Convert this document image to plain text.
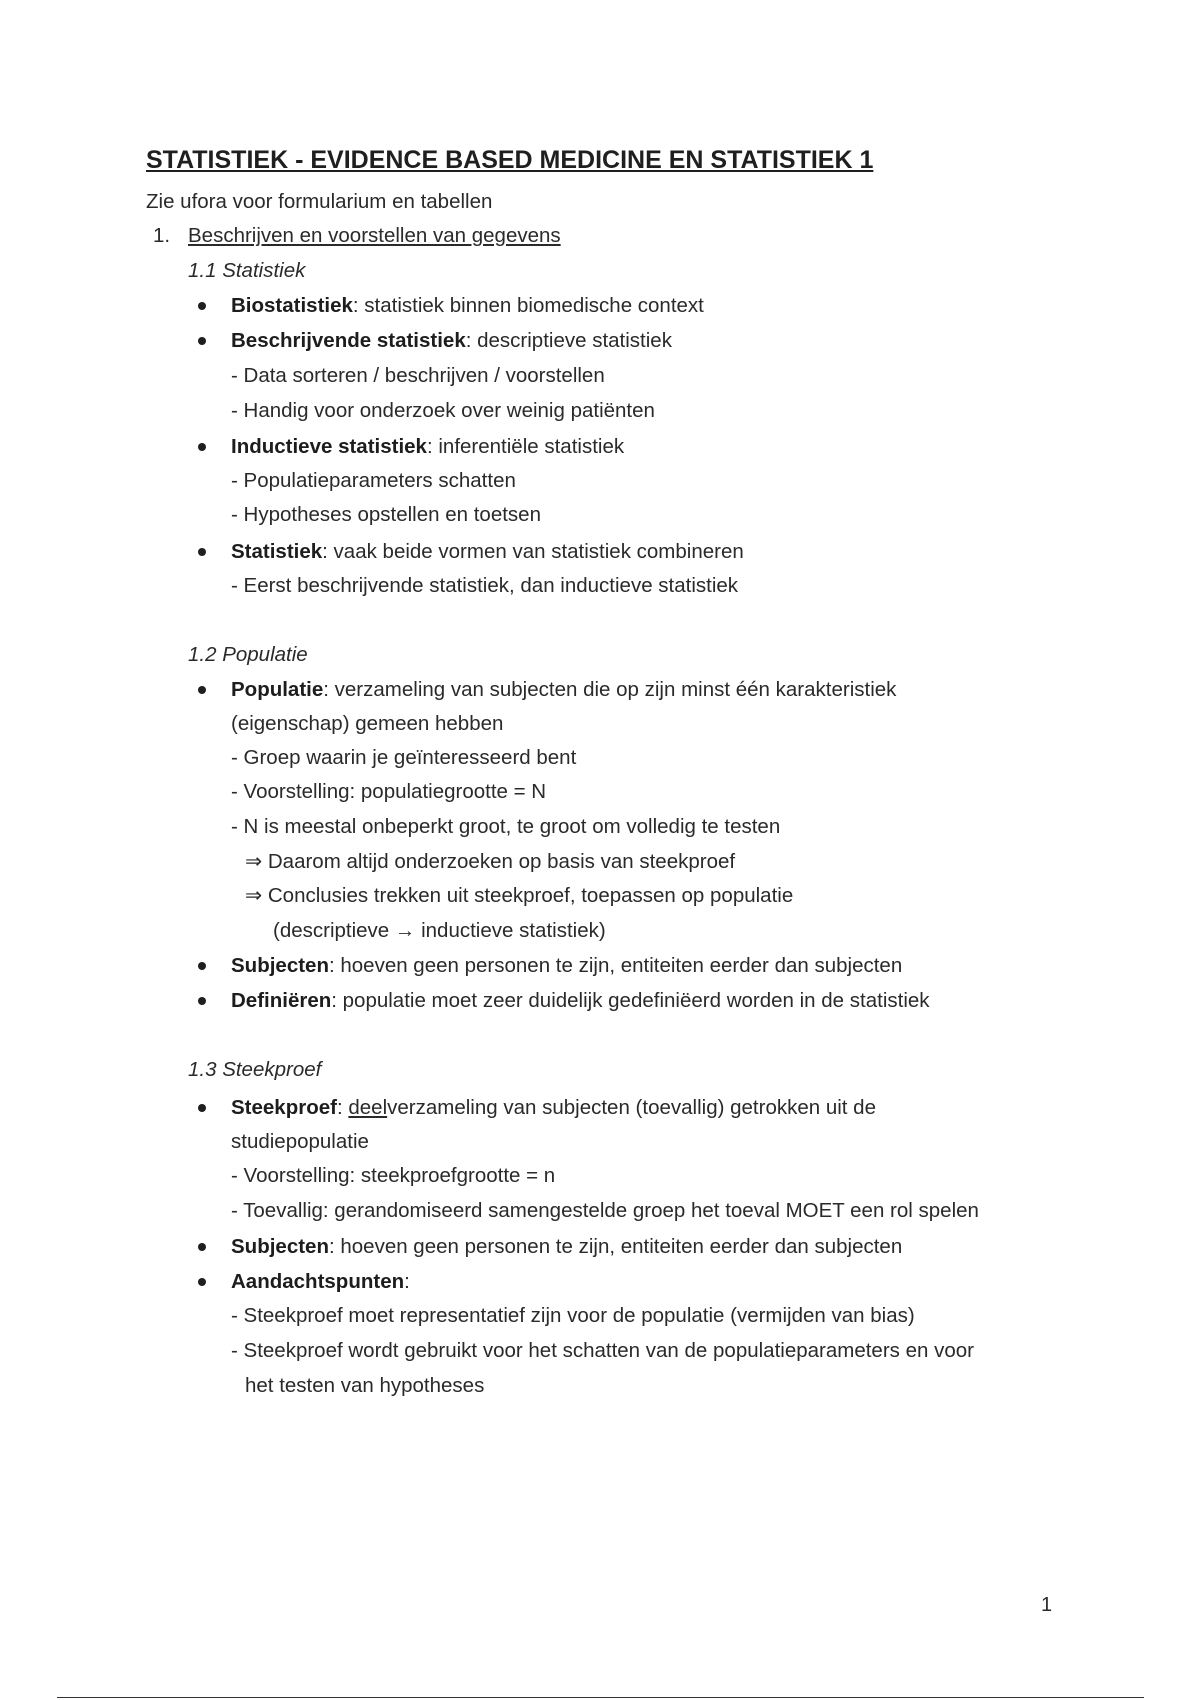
STATISTIEK - EVIDENCE BASED MEDICINE EN STATISTIEK 1
Zie ufora voor formularium en tabellen
1. Beschrijven en voorstellen van gegevens
1.1 Statistiek
Biostatistiek: statistiek binnen biomedische context
Beschrijvende statistiek: descriptieve statistiek
- Data sorteren / beschrijven / voorstellen
- Handig voor onderzoek over weinig patiënten
Inductieve statistiek: inferentiële statistiek
- Populatieparameters schatten
- Hypotheses opstellen en toetsen
Statistiek: vaak beide vormen van statistiek combineren
- Eerst beschrijvende statistiek, dan inductieve statistiek
1.2 Populatie
Populatie: verzameling van subjecten die op zijn minst één karakteristiek
(eigenschap) gemeen hebben
- Groep waarin je geïnteresseerd bent
- Voorstelling: populatiegrootte = N
- N is meestal onbeperkt groot, te groot om volledig te testen
⇒ Daarom altijd onderzoeken op basis van steekproef
⇒ Conclusies trekken uit steekproef, toepassen op populatie
(descriptieve → inductieve statistiek)
Subjecten: hoeven geen personen te zijn, entiteiten eerder dan subjecten
Definiëren: populatie moet zeer duidelijk gedefiniëerd worden in de statistiek
1.3 Steekproef
Steekproef: deelverzameling van subjecten (toevallig) getrokken uit de
studiepopulatie
- Voorstelling: steekproefgrootte = n
- Toevallig: gerandomiseerd samengestelde groep het toeval MOET een rol spelen
Subjecten: hoeven geen personen te zijn, entiteiten eerder dan subjecten
Aandachtspunten:
- Steekproef moet representatief zijn voor de populatie (vermijden van bias)
- Steekproef wordt gebruikt voor het schatten van de populatieparameters en voor
het testen van hypotheses
1
